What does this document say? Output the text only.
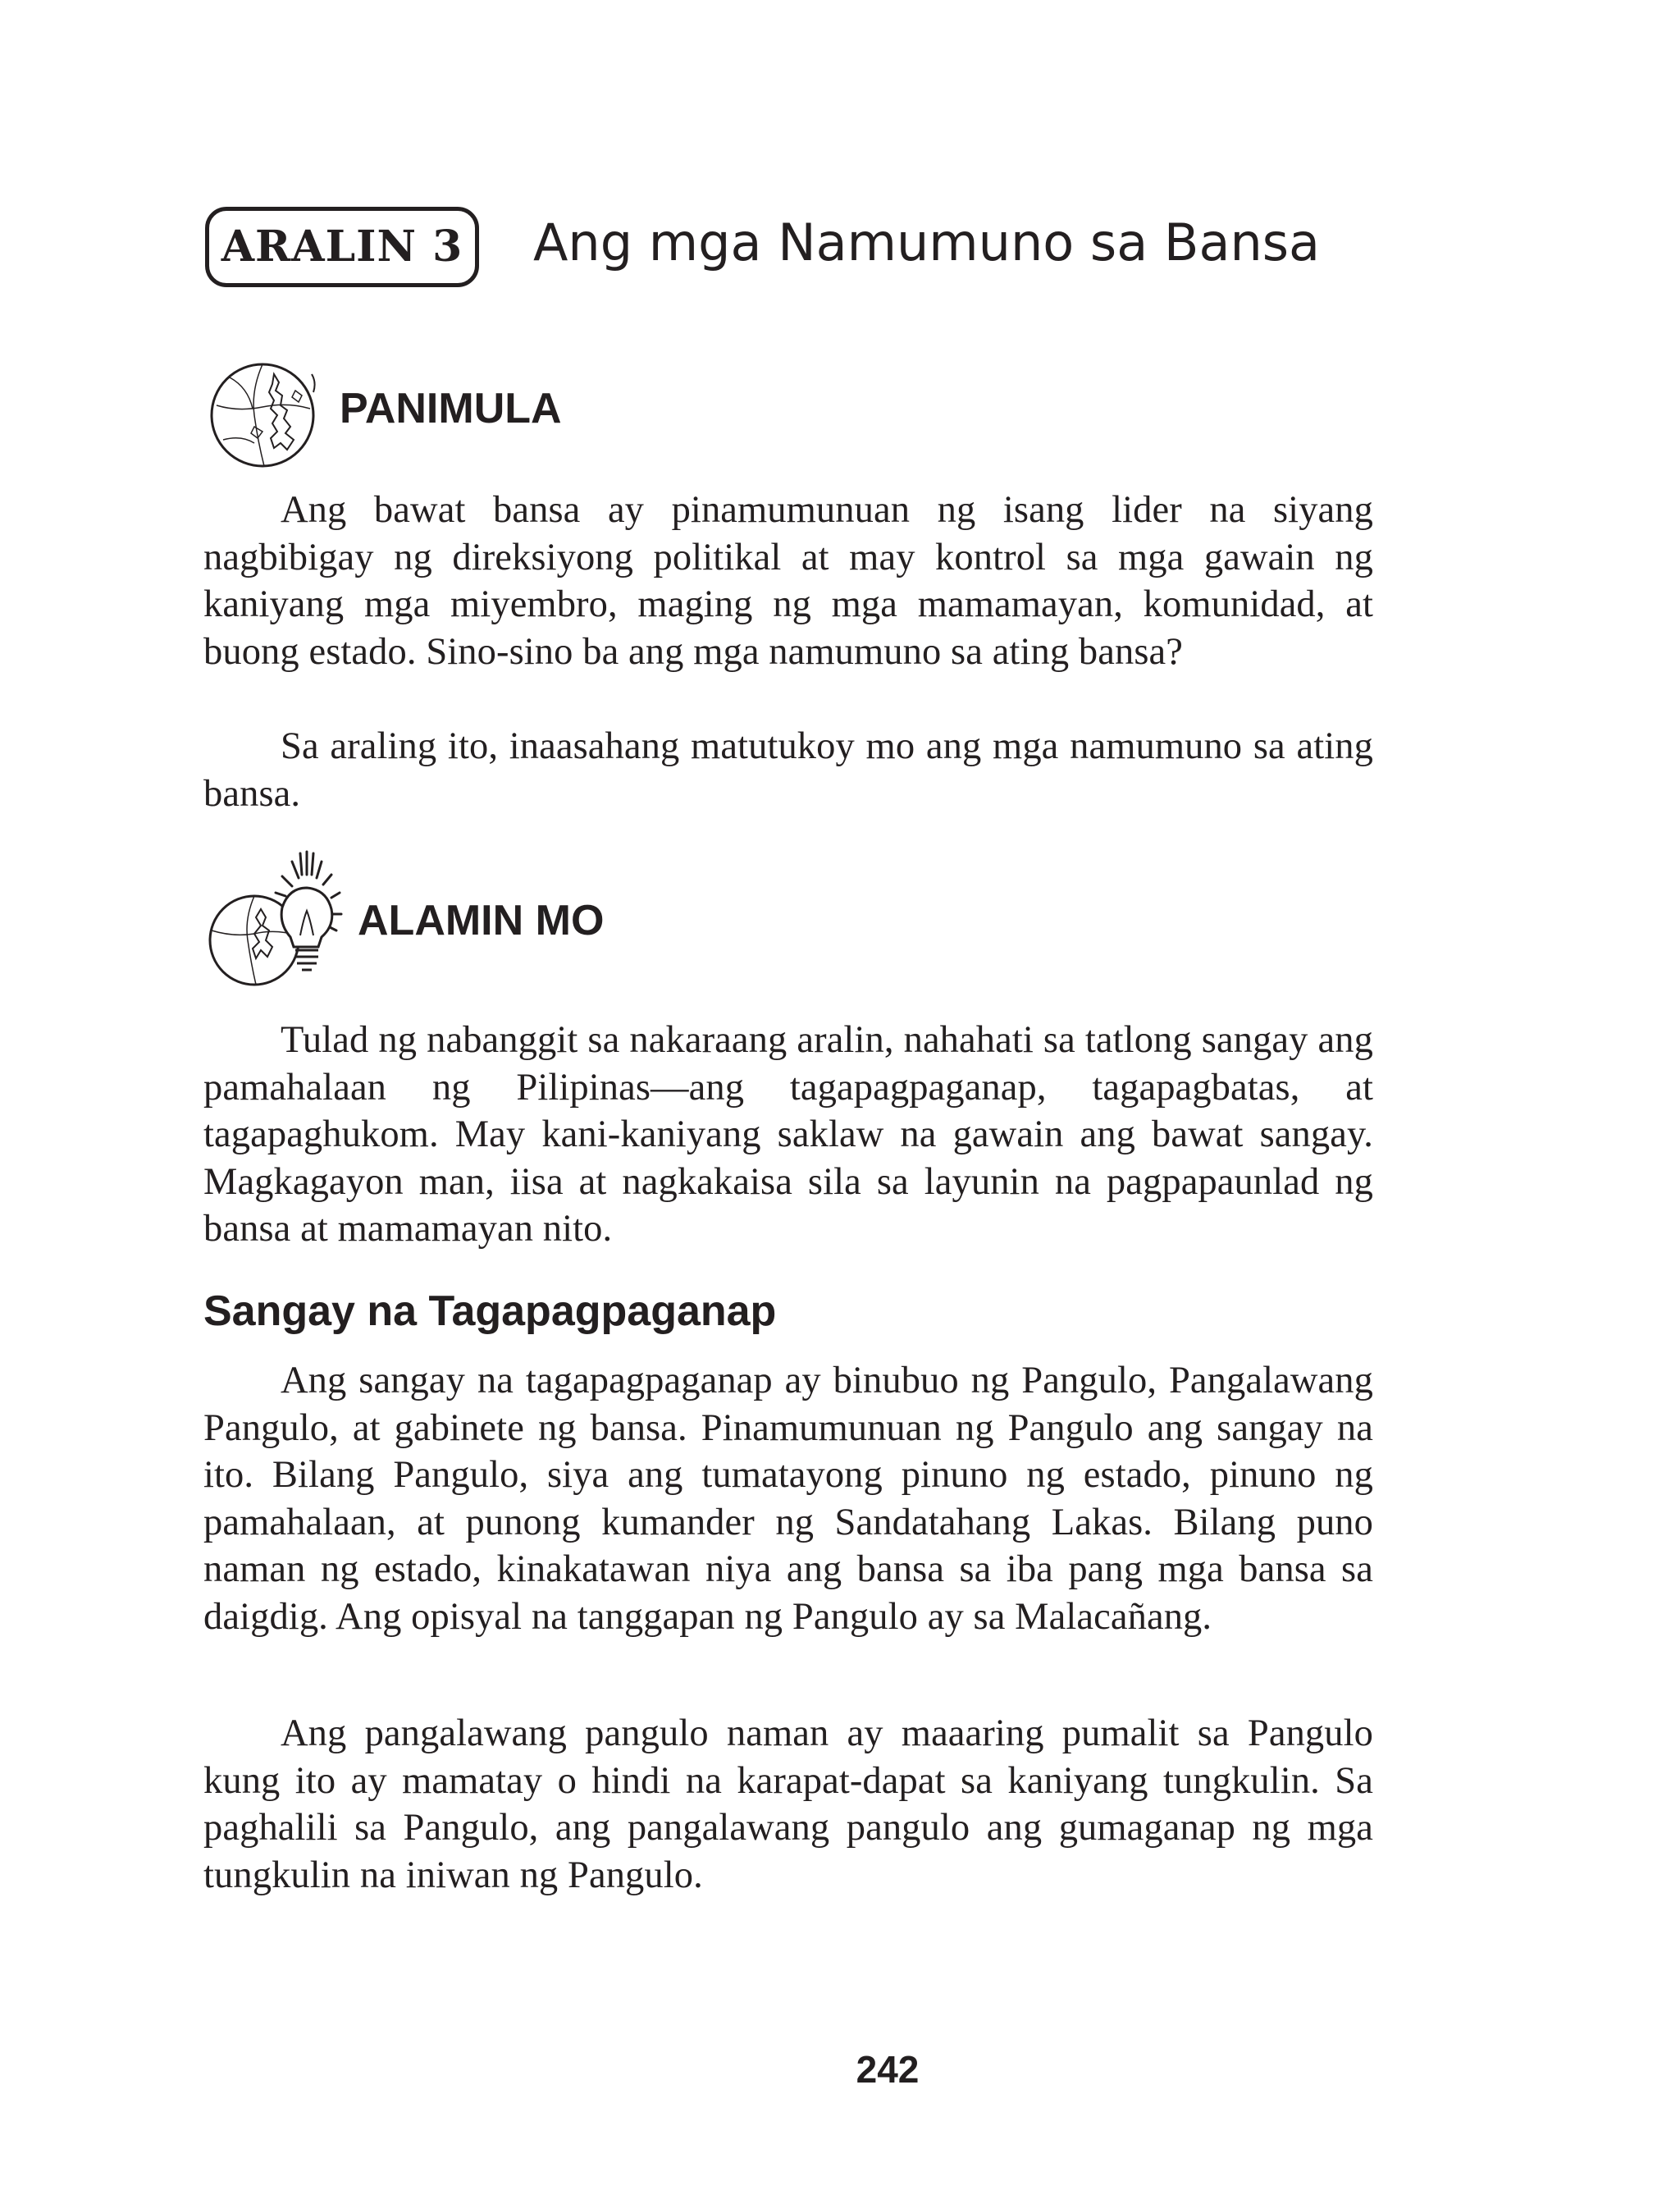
ARALIN 3	Ang mga Namumuno sa Bansa
PANIMULA

Ang bawat bansa ay pinamumunuan ng isang lider na siyang nagbibigay ng direksiyong politikal at may kontrol sa mga gawain ng kaniyang mga miyembro, maging ng mga mamamayan, komunidad, at buong estado. Sino-sino ba ang mga namumuno sa ating bansa?

Sa araling ito, inaasahang matutukoy mo ang mga namumuno sa ating bansa.

ALAMIN MO

Tulad ng nabanggit sa nakaraang aralin, nahahati sa tatlong sangay ang pamahalaan ng Pilipinas—ang tagapagpaganap, tagapagbatas, at tagapaghukom. May kani-kaniyang saklaw na gawain ang bawat sangay. Magkagayon man, iisa at nagkakaisa sila sa layunin na pagpapaunlad ng bansa at mamamayan nito.

Sangay na Tagapagpaganap

Ang sangay na tagapagpaganap ay binubuo ng Pangulo, Pangalawang Pangulo, at gabinete ng bansa. Pinamumunuan ng Pangulo ang sangay na ito. Bilang Pangulo, siya ang tumatayong pinuno ng estado, pinuno ng pamahalaan, at punong kumander ng Sandatahang Lakas. Bilang puno naman ng estado, kinakatawan niya ang bansa sa iba pang mga bansa sa daigdig. Ang opisyal na tanggapan ng Pangulo ay sa Malacañang.

Ang pangalawang pangulo naman ay maaaring pumalit sa Pangulo kung ito ay mamatay o hindi na karapat-dapat sa kaniyang tungkulin. Sa paghalili sa Pangulo, ang pangalawang pangulo ang gumaganap ng mga tungkulin na iniwan ng Pangulo.

242
